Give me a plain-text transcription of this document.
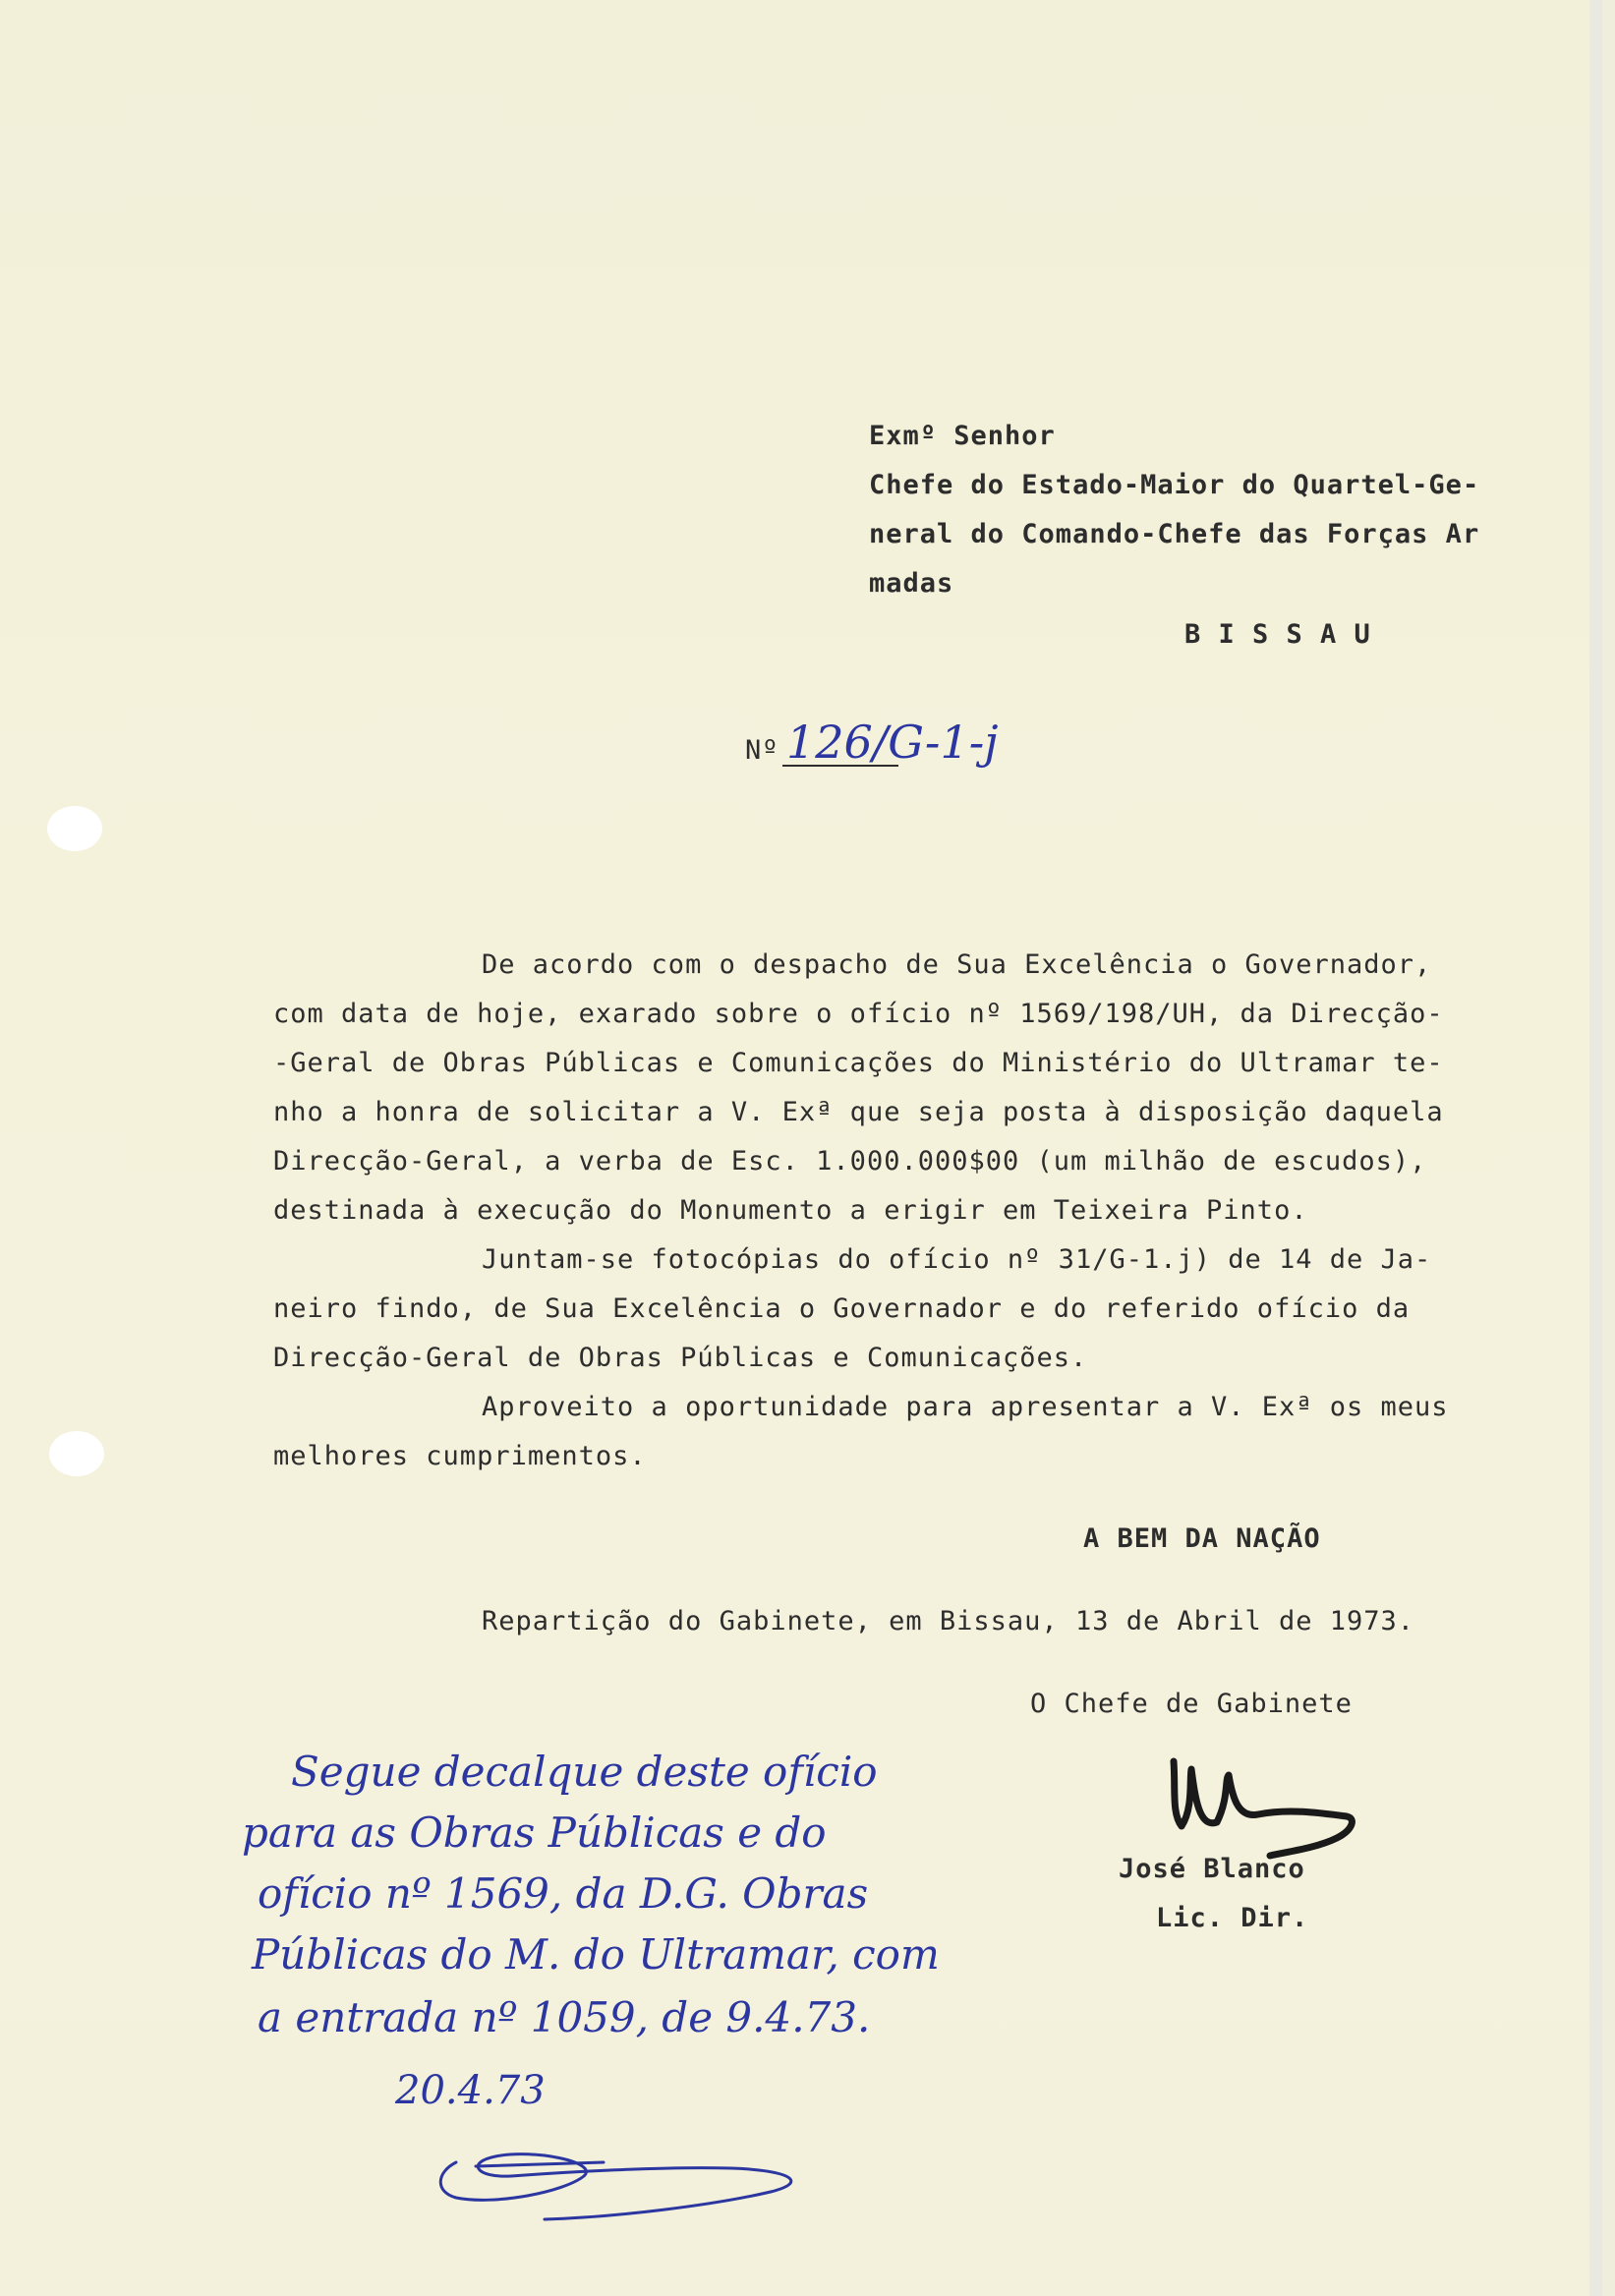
Exmº Senhor
Chefe do Estado-Maior do Quartel-Ge-
neral do Comando-Chefe das Forças Ar
madas
B I S S A U
Nº 126/G-1-j
De acordo com o despacho de Sua Excelência o Governador,
com data de hoje, exarado sobre o ofício nº 1569/198/UH, da Direcção-
-Geral de Obras Públicas e Comunicações do Ministério do Ultramar te-
nho a honra de solicitar a V. Exª que seja posta à disposição daquela
Direcção-Geral, a verba de Esc. 1.000.000$00 (um milhão de escudos),
destinada à execução do Monumento a erigir em Teixeira Pinto.
Juntam-se fotocópias do ofício nº 31/G-1.j) de 14 de Ja-
neiro findo, de Sua Excelência o Governador e do referido ofício da
Direcção-Geral de Obras Públicas e Comunicações.
Aproveito a oportunidade para apresentar a V. Exª os meus
melhores cumprimentos.
A BEM DA NAÇÃO
Repartição do Gabinete, em Bissau, 13 de Abril de 1973.
O Chefe de Gabinete
José Blanco
Lic. Dir.
Segue decalque deste ofício
para as Obras Públicas e do
ofício nº 1569, da D.G. Obras
Públicas do M. do Ultramar, com
a entrada nº 1059, de 9.4.73.
20.4.73
